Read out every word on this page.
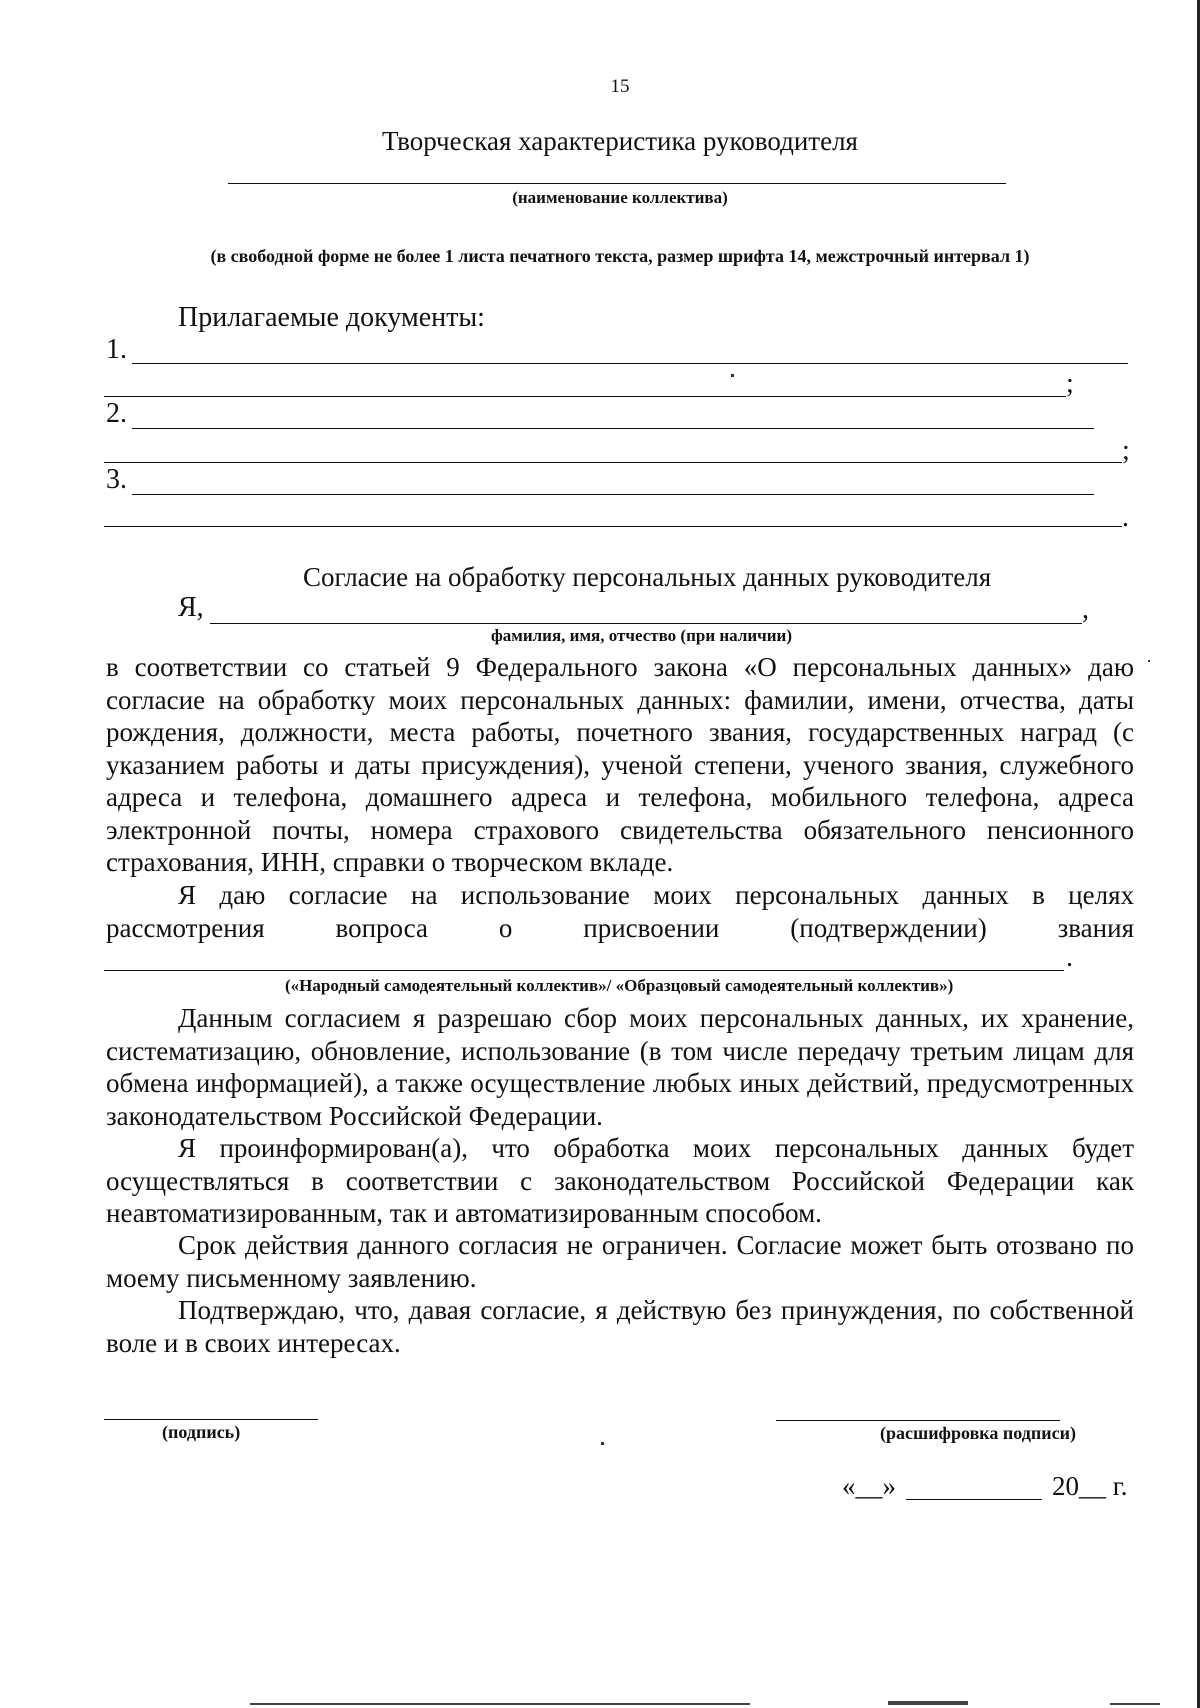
15
Творческая характеристика руководителя
(наименование коллектива)
(в свободной форме не более 1 листа печатного текста, размер шрифта 14, межстрочный интервал 1)
Прилагаемые документы:
1.
;
2.
;
3.
.
Согласие на обработку персональных данных руководителя
Я,	,
фамилия, имя, отчество (при наличии)

в соответствии со статьей 9 Федерального закона «О персональных данных» даю согласие на обработку моих персональных данных: фамилии, имени, отчества, даты рождения, должности, места работы, почетного звания, государственных наград (с указанием работы и даты присуждения), ученой степени, ученого звания, служебного адреса и телефона, домашнего адреса и телефона, мобильного телефона, адреса электронной почты, номера страхового свидетельства обязательного пенсионного страхования, ИНН, справки о творческом вкладе.

Я даю согласие на использование моих персональных данных в целях рассмотрения вопроса о присвоении (подтверждении) звания

.
(«Народный самодеятельный коллектив»/ «Образцовый самодеятельный коллектив»)

Данным согласием я разрешаю сбор моих персональных данных, их хранение, систематизацию, обновление, использование (в том числе передачу третьим лицам для обмена информацией), а также осуществление любых иных действий, предусмотренных законодательством Российской Федерации.

Я проинформирован(а), что обработка моих персональных данных будет осуществляться в соответствии с законодательством Российской Федерации как неавтоматизированным, так и автоматизированным способом.

Срок действия данного согласия не ограничен. Согласие может быть отозвано по моему письменному заявлению.

Подтверждаю, что, давая согласие, я действую без принуждения, по собственной воле и в своих интересах.

(подпись)	(расшифровка подписи)
«__»	20__ г.
